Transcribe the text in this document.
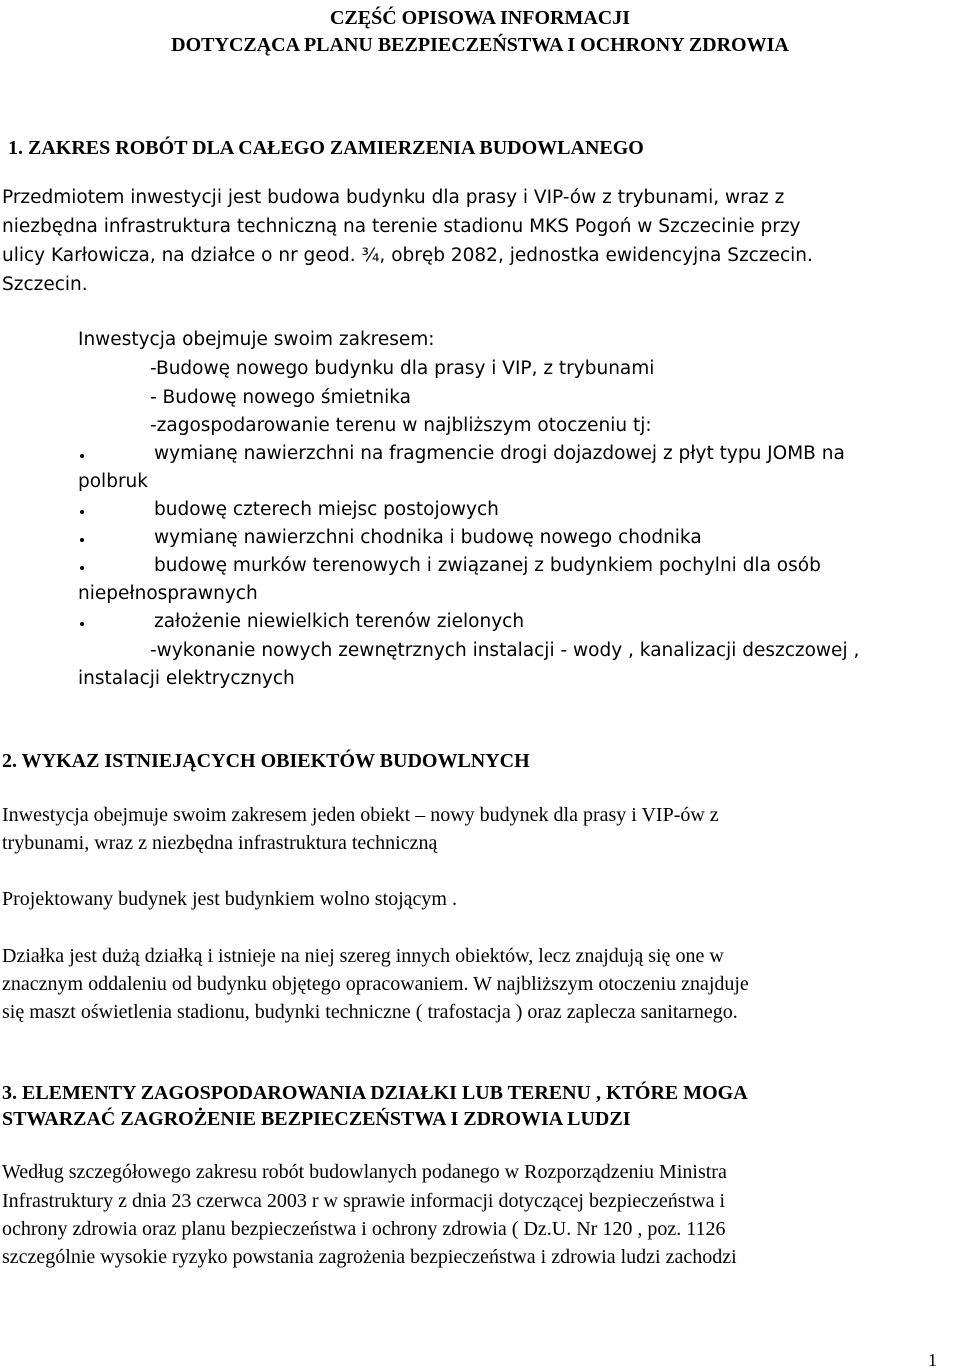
CZĘŚĆ OPISOWA INFORMACJI
DOTYCZĄCA PLANU BEZPIECZEŃSTWA I OCHRONY ZDROWIA
1. ZAKRES ROBÓT DLA CAŁEGO ZAMIERZENIA BUDOWLANEGO
Przedmiotem inwestycji jest budowa budynku dla prasy i VIP-ów z trybunami, wraz z
niezbędna infrastruktura techniczną na terenie stadionu MKS Pogoń w Szczecinie przy
ulicy Karłowicza, na działce o nr geod. ¾, obręb 2082, jednostka ewidencyjna Szczecin.
Szczecin.
Inwestycja obejmuje swoim zakresem:
-Budowę nowego budynku dla prasy i VIP, z trybunami
- Budowę nowego śmietnika
-zagospodarowanie terenu w najbliższym otoczeniu tj:
wymianę nawierzchni na fragmencie drogi dojazdowej z płyt typu JOMB na
polbruk
budowę czterech miejsc postojowych
wymianę nawierzchni chodnika i budowę nowego chodnika
budowę murków terenowych i związanej z budynkiem pochylni dla osób
niepełnosprawnych
założenie niewielkich terenów zielonych
-wykonanie nowych zewnętrznych instalacji - wody , kanalizacji deszczowej ,
instalacji elektrycznych
2. WYKAZ ISTNIEJĄCYCH OBIEKTÓW BUDOWLNYCH
Inwestycja obejmuje swoim zakresem jeden obiekt – nowy budynek dla prasy i VIP-ów z
trybunami, wraz z niezbędna infrastruktura techniczną
Projektowany budynek jest budynkiem wolno stojącym .
Działka jest dużą działką i istnieje na niej szereg innych obiektów, lecz znajdują się one w
znacznym oddaleniu od budynku objętego opracowaniem. W najbliższym otoczeniu znajduje
się maszt oświetlenia stadionu, budynki techniczne ( trafostacja ) oraz zaplecza sanitarnego.
3. ELEMENTY ZAGOSPODAROWANIA DZIAŁKI LUB TERENU , KTÓRE MOGA
STWARZAĆ ZAGROŻENIE BEZPIECZEŃSTWA I ZDROWIA LUDZI
Według szczegółowego zakresu robót budowlanych podanego w Rozporządzeniu Ministra
Infrastruktury z dnia 23 czerwca 2003 r w sprawie informacji dotyczącej bezpieczeństwa i
ochrony zdrowia oraz planu bezpieczeństwa i ochrony zdrowia ( Dz.U. Nr 120 , poz. 1126
szczególnie wysokie ryzyko powstania zagrożenia bezpieczeństwa i zdrowia ludzi zachodzi
1
